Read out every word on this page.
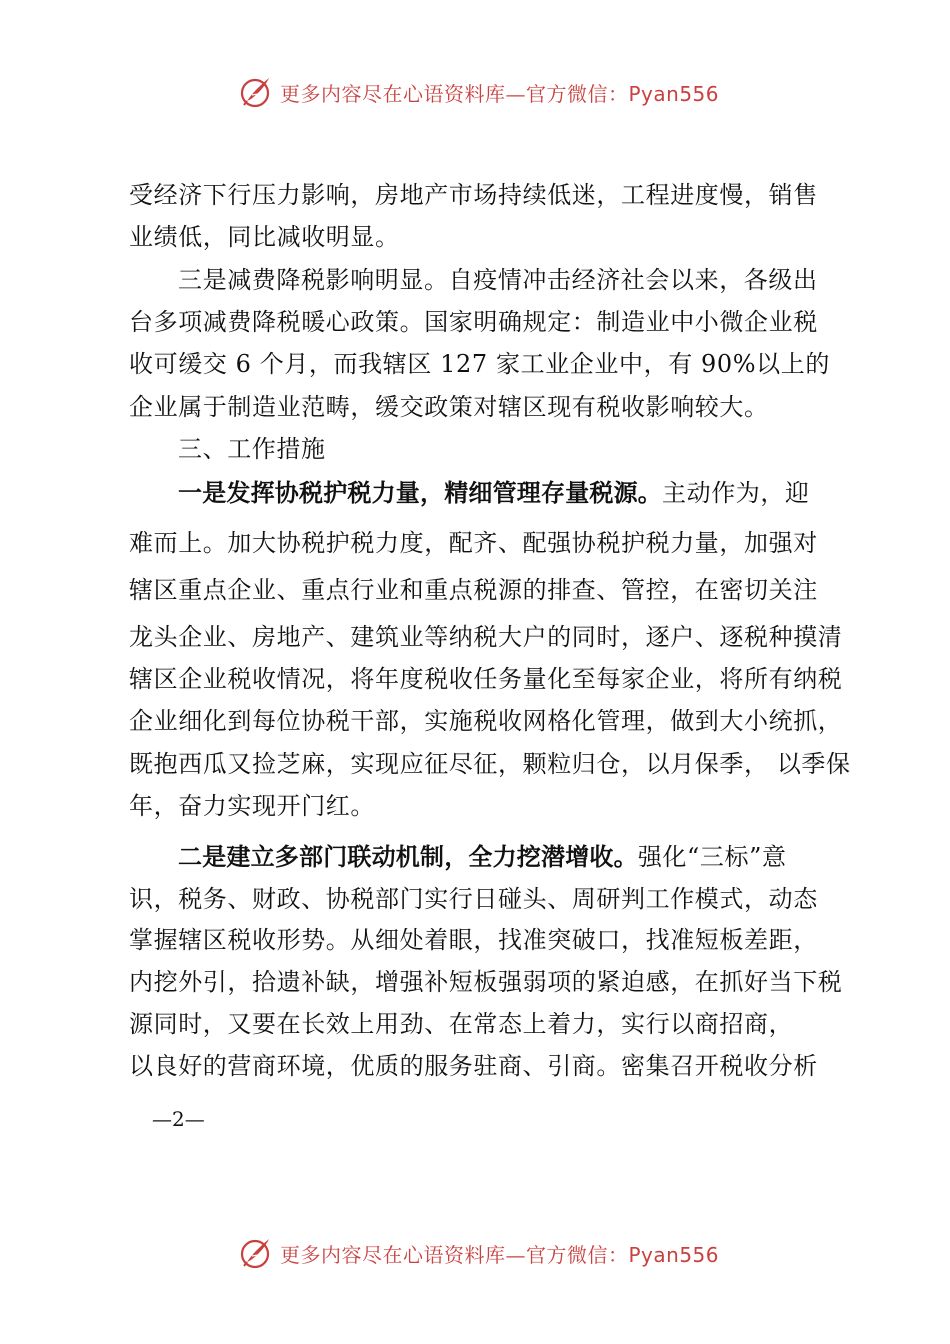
更多内容尽在心语资料库—官方微信：Pyan556
受经济下行压力影响，房地产市场持续低迷，工程进度慢，销售
业绩低，同比减收明显。
三是减费降税影响明显。自疫情冲击经济社会以来，各级出
台多项减费降税暖心政策。国家明确规定：制造业中小微企业税
收可缓交 6 个月，而我辖区 127 家工业企业中，有 90%以上的
企业属于制造业范畴，缓交政策对辖区现有税收影响较大。
三、工作措施
一是发挥协税护税力量，精细管理存量税源。主动作为，迎
难而上。加大协税护税力度，配齐、配强协税护税力量，加强对
辖区重点企业、重点行业和重点税源的排查、管控，在密切关注
龙头企业、房地产、建筑业等纳税大户的同时，逐户、逐税种摸清
辖区企业税收情况，将年度税收任务量化至每家企业，将所有纳税
企业细化到每位协税干部，实施税收网格化管理，做到大小统抓，
既抱西瓜又捡芝麻，实现应征尽征，颗粒归仓，以月保季， 以季保
年，奋力实现开门红。
二是建立多部门联动机制，全力挖潜增收。强化“三标”意
识，税务、财政、协税部门实行日碰头、周研判工作模式，动态
掌握辖区税收形势。从细处着眼，找准突破口，找准短板差距，
内挖外引，拾遗补缺，增强补短板强弱项的紧迫感，在抓好当下税
源同时，又要在长效上用劲、在常态上着力，实行以商招商，
以良好的营商环境，优质的服务驻商、引商。密集召开税收分析
—2—
更多内容尽在心语资料库—官方微信：Pyan556
